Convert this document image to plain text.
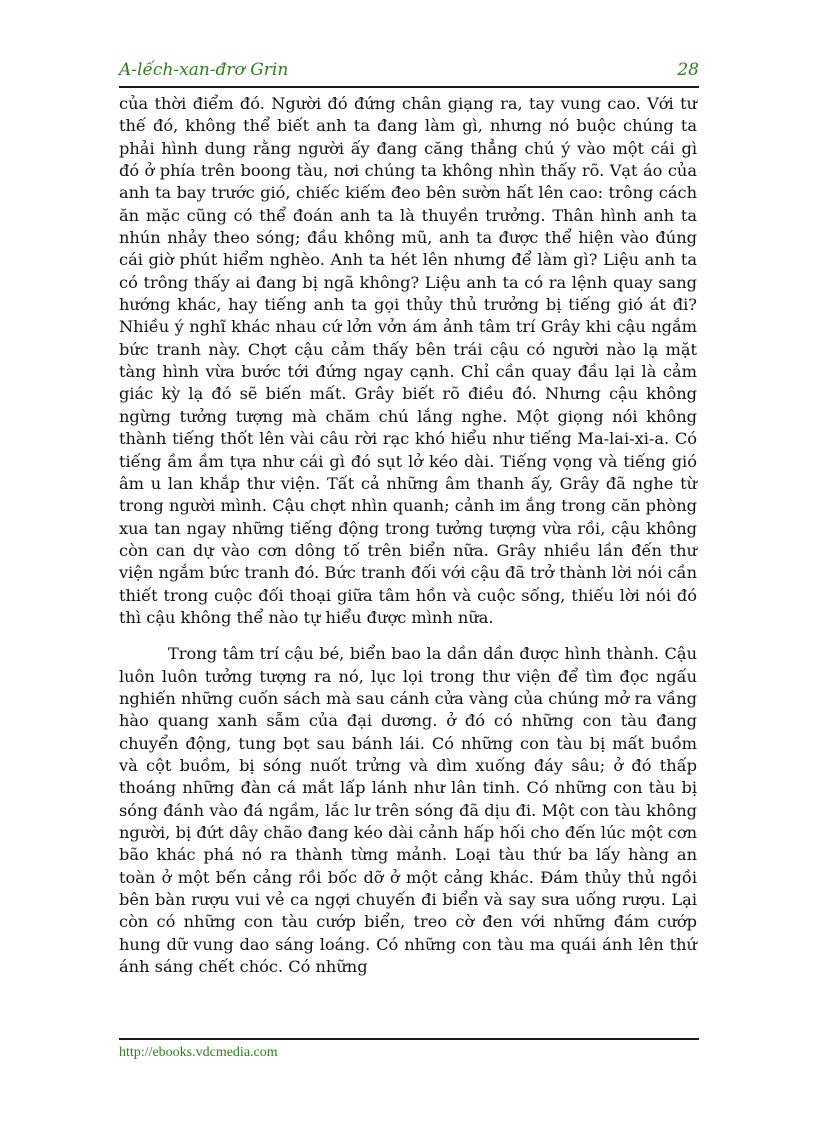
A-lếch-xan-đrơ Grin	28

của thời điểm đó. Người đó đứng chân giạng ra, tay vung cao. Với tư thế đó, không thể biết anh ta đang làm gì, nhưng nó buộc chúng ta phải hình dung rằng người ấy đang căng thẳng chú ý vào một cái gì đó ở phía trên boong tàu, nơi chúng ta không nhìn thấy rõ. Vạt áo của anh ta bay trước gió, chiếc kiếm đeo bên sườn hất lên cao: trông cách ăn mặc cũng có thể đoán anh ta là thuyền trưởng. Thân hình anh ta nhún nhảy theo sóng; đầu không mũ, anh ta được thể hiện vào đúng cái giờ phút hiểm nghèo. Anh ta hét lên nhưng để làm gì? Liệu anh ta có trông thấy ai đang bị ngã không? Liệu anh ta có ra lệnh quay sang hướng khác, hay tiếng anh ta gọi thủy thủ trưởng bị tiếng gió át đi? Nhiều ý nghĩ khác nhau cứ lởn vởn ám ảnh tâm trí Grây khi cậu ngắm bức tranh này. Chợt cậu cảm thấy bên trái cậu có người nào lạ mặt tàng hình vừa bước tới đứng ngay cạnh. Chỉ cần quay đầu lại là cảm giác kỳ lạ đó sẽ biến mất. Grây biết rõ điều đó. Nhưng cậu không ngừng tưởng tượng mà chăm chú lắng nghe. Một giọng nói không thành tiếng thốt lên vài câu rời rạc khó hiểu như tiếng Ma-lai-xi-a. Có tiếng ầm ầm tựa như cái gì đó sụt lở kéo dài. Tiếng vọng và tiếng gió âm u lan khắp thư viện. Tất cả những âm thanh ấy, Grây đã nghe từ trong người mình. Cậu chợt nhìn quanh; cảnh im ắng trong căn phòng xua tan ngay những tiếng động trong tưởng tượng vừa rồi, cậu không còn can dự vào cơn dông tố trên biển nữa. Grây nhiều lần đến thư viện ngắm bức tranh đó. Bức tranh đối với cậu đã trở thành lời nói cần thiết trong cuộc đối thoại giữa tâm hồn và cuộc sống, thiếu lời nói đó thì cậu không thể nào tự hiểu được mình nữa.

Trong tâm trí cậu bé, biển bao la dần dần được hình thành. Cậu luôn luôn tưởng tượng ra nó, lục lọi trong thư viện để tìm đọc ngấu nghiến những cuốn sách mà sau cánh cửa vàng của chúng mở ra vầng hào quang xanh sẫm của đại dương. ở đó có những con tàu đang chuyển động, tung bọt sau bánh lái. Có những con tàu bị mất buồm và cột buồm, bị sóng nuốt trửng và dìm xuống đáy sâu; ở đó thấp thoáng những đàn cá mắt lấp lánh như lân tinh. Có những con tàu bị sóng đánh vào đá ngầm, lắc lư trên sóng đã dịu đi. Một con tàu không người, bị đứt dây chão đang kéo dài cảnh hấp hối cho đến lúc một cơn bão khác phá nó ra thành từng mảnh. Loại tàu thứ ba lấy hàng an toàn ở một bến cảng rồi bốc dỡ ở một cảng khác. Đám thủy thủ ngồi bên bàn rượu vui vẻ ca ngợi chuyến đi biển và say sưa uống rượu. Lại còn có những con tàu cướp biển, treo cờ đen với những đám cướp hung dữ vung dao sáng loáng. Có những con tàu ma quái ánh lên thứ ánh sáng chết chóc. Có những

http://ebooks.vdcmedia.com
